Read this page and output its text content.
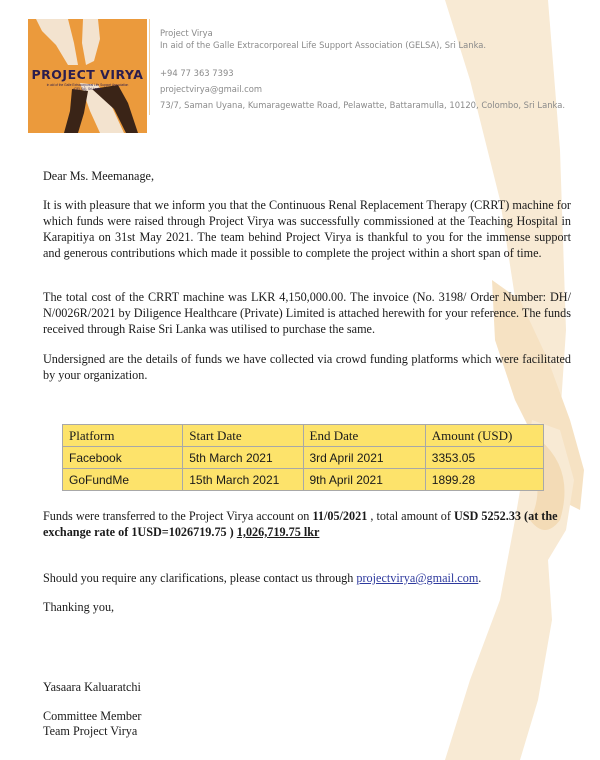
PROJECT VIRYA
in aid of the Galle Extracorporeal Life Support Association (GELSA), Sri Lanka
Project Virya
In aid of the Galle Extracorporeal Life Support Association (GELSA), Sri Lanka.
+94 77 363 7393
projectvirya@gmail.com
73/7, Saman Uyana, Kumaragewatte Road, Pelawatte, Battaramulla, 10120, Colombo, Sri Lanka.
Dear Ms. Meemanage,

It is with pleasure that we inform you that the Continuous Renal Replacement Therapy (CRRT) machine for which funds were raised through Project Virya was successfully commissioned at the Teaching Hospital in Karapitiya on 31st May 2021. The team behind Project Virya is thankful to you for the immense support and generous contributions which made it possible to complete the project within a short span of time.

The total cost of the CRRT machine was LKR 4,150,000.00. The invoice (No. 3198/ Order Number: DH/ N/0026R/2021 by Diligence Healthcare (Private) Limited is attached herewith for your reference. The funds received through Raise Sri Lanka was utilised to purchase the same.

Undersigned are the details of funds we have collected via crowd funding platforms which were facilitated by your organization.

Platform	Start Date	End Date	Amount (USD)
Facebook	5th March 2021	3rd April 2021	3353.05
GoFundMe	15th March 2021	9th April 2021	1899.28
Funds were transferred to the Project Virya account on 11/05/2021 , total amount of USD 5252.33 (at the exchange rate of 1USD=1026719.75 ) 1,026,719.75 lkr
Should you require any clarifications, please contact us through projectvirya@gmail.com.
Thanking you,
Yasaara Kaluaratchi
Committee Member
Team Project Virya
